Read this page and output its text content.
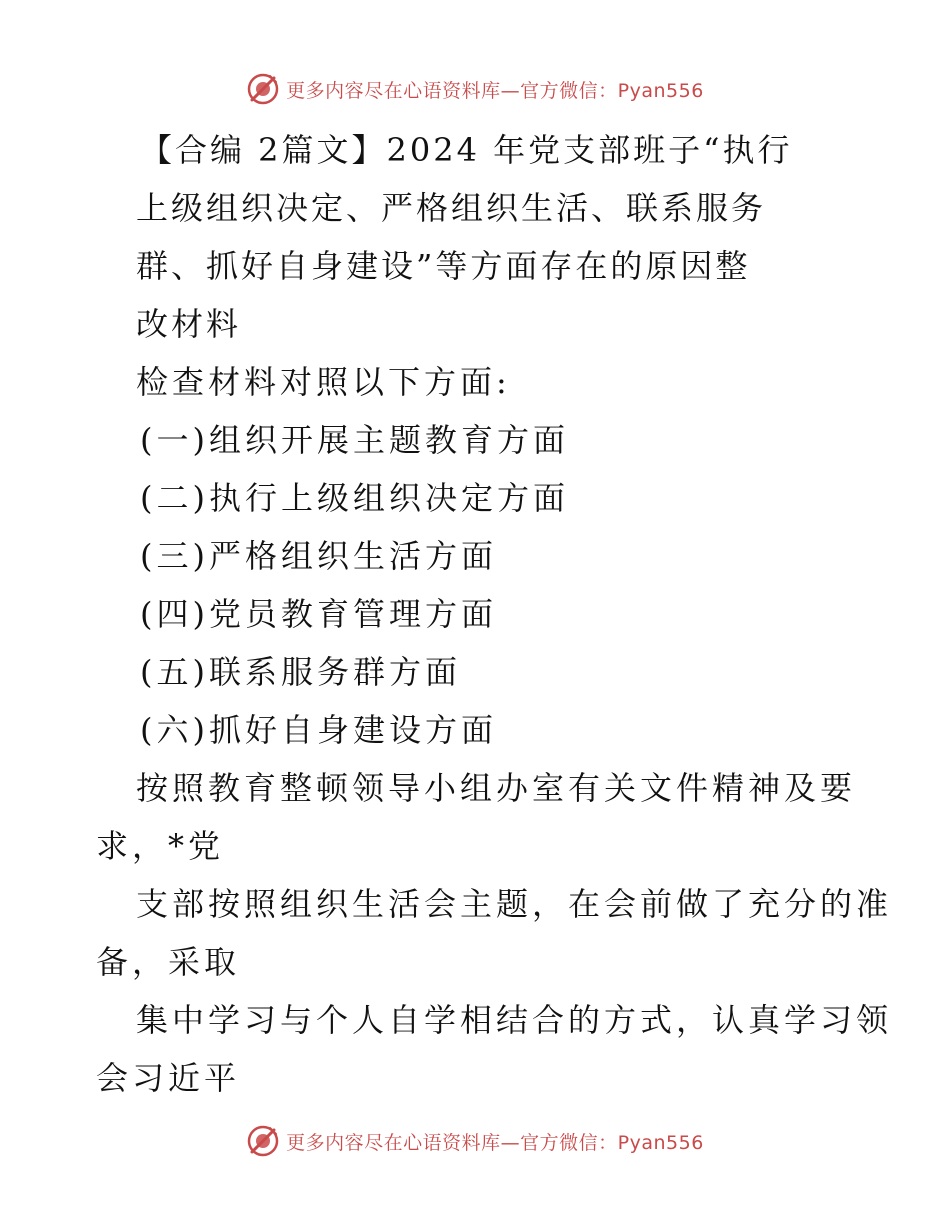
更多内容尽在心语资料库—官方微信：Pyan556
【合编 2篇文】2024 年党支部班子“执行
上级组织决定、严格组织生活、联系服务
群、抓好自身建设”等方面存在的原因整
改材料
检查材料对照以下方面:
(一)组织开展主题教育方面
(二)执行上级组织决定方面
(三)严格组织生活方面
(四)党员教育管理方面
(五)联系服务群方面
(六)抓好自身建设方面
按照教育整顿领导小组办室有关文件精神及要
求，*党
支部按照组织生活会主题，在会前做了充分的准
备，采取
集中学习与个人自学相结合的方式，认真学习领
会习近平
更多内容尽在心语资料库—官方微信：Pyan556
